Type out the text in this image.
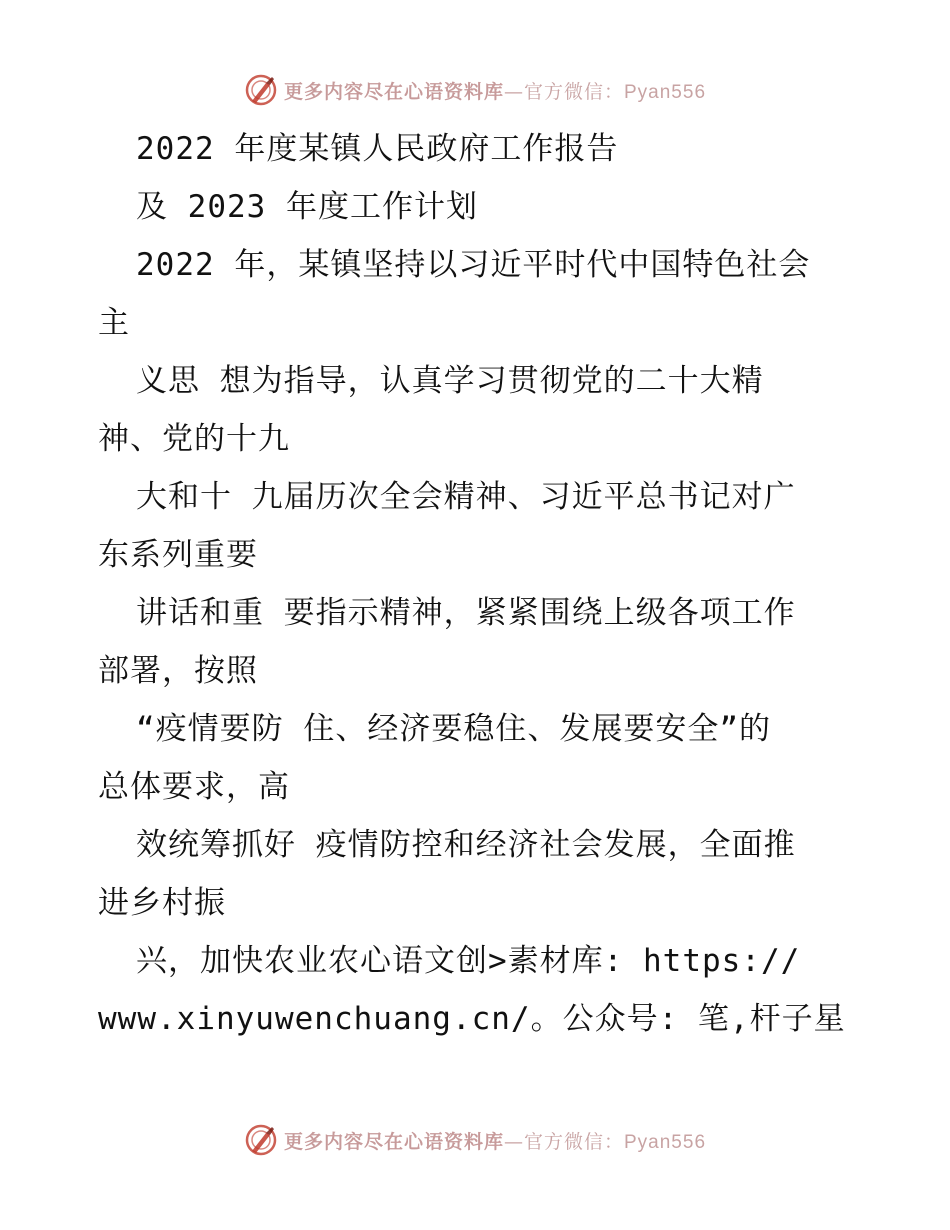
更多内容尽在心语资料库—官方微信：Pyan556
2022 年度某镇人民政府工作报告
及 2023 年度工作计划
2022 年，某镇坚持以习近平时代中国特色社会
主
义思 想为指导，认真学习贯彻党的二十大精
神、党的十九
大和十 九届历次全会精神、习近平总书记对广
东系列重要
讲话和重 要指示精神，紧紧围绕上级各项工作
部署，按照
“疫情要防 住、经济要稳住、发展要安全”的
总体要求，高
效统筹抓好 疫情防控和经济社会发展，全面推
进乡村振
兴，加快农业农心语文创>素材库: https://
www.xinyuwenchuang.cn/。公众号: 笔,杆子星
更多内容尽在心语资料库—官方微信：Pyan556
